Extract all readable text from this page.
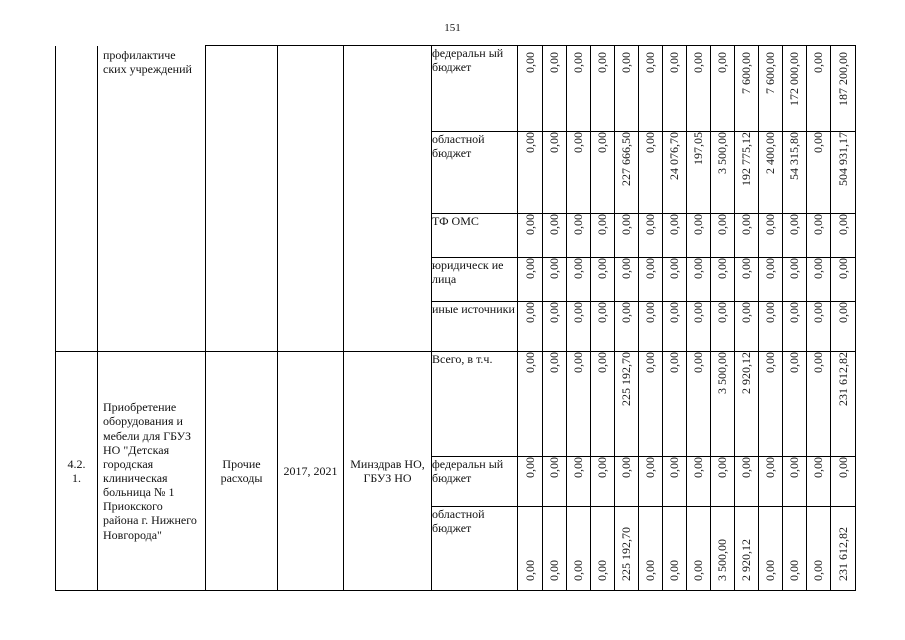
151

	профилактиче ских учреждений				федеральн ый бюджет	0,00	0,00	0,00	0,00	0,00	0,00	0,00	0,00	0,00	7 600,00	7 600,00	172 000,00	0,00	187 200,00
					областной бюджет	0,00	0,00	0,00	0,00	227 666,50	0,00	24 076,70	197,05	3 500,00	192 775,12	2 400,00	54 315,80	0,00	504 931,17
					ТФ ОМС	0,00	0,00	0,00	0,00	0,00	0,00	0,00	0,00	0,00	0,00	0,00	0,00	0,00	0,00
					юридическ ие лица	0,00	0,00	0,00	0,00	0,00	0,00	0,00	0,00	0,00	0,00	0,00	0,00	0,00	0,00
					иные источники	0,00	0,00	0,00	0,00	0,00	0,00	0,00	0,00	0,00	0,00	0,00	0,00	0,00	0,00

4.2. 1.	Приобретение оборудования и мебели для ГБУЗ НО "Детская городская клиническая больница № 1 Приокского района г. Нижнего Новгорода"	Прочие расходы	2017, 2021	Минздрав НО, ГБУЗ НО	Всего, в т.ч.	0,00	0,00	0,00	0,00	225 192,70	0,00	0,00	0,00	3 500,00	2 920,12	0,00	0,00	0,00	231 612,82
					федеральн ый бюджет	0,00	0,00	0,00	0,00	0,00	0,00	0,00	0,00	0,00	0,00	0,00	0,00	0,00	0,00
					областной бюджет	0,00	0,00	0,00	0,00	225 192,70	0,00	0,00	0,00	3 500,00	2 920,12	0,00	0,00	0,00	231 612,82
